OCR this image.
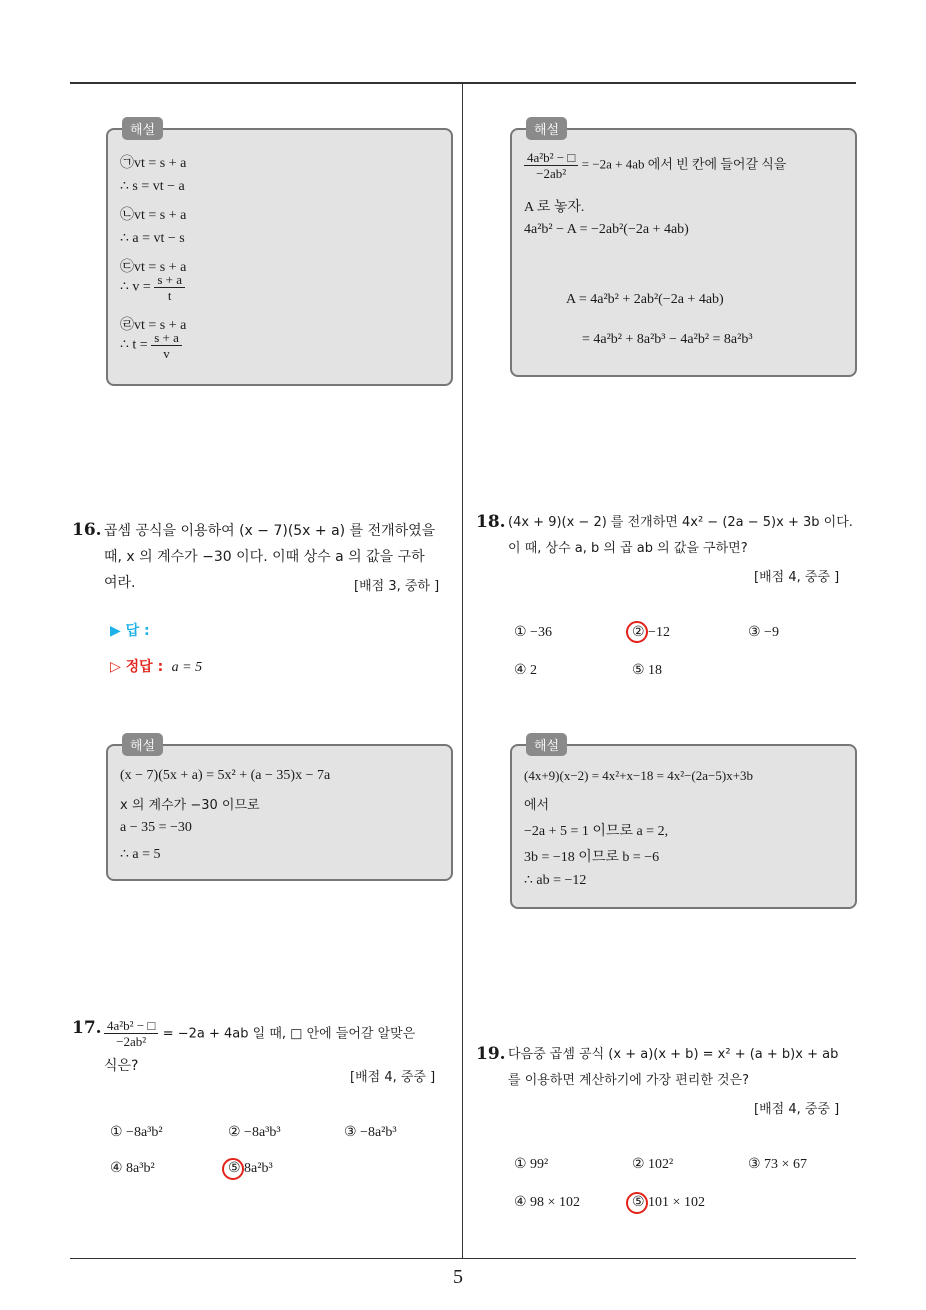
5
해설
㉠vt = s + a
∴ s = vt − a
㉡vt = s + a
∴ a = vt − s
㉢vt = s + a
∴ $v = \frac{s + a}{t}$
㉣vt = s + a
∴ $t = \frac{s + a}{v}$
16. 곱셈 공식을 이용하여 (x − 7)(5x + a) 를 전개하였을
때, x 의 계수가 −30 이다. 이때 상수 a 의 값을 구하
여라.	[배점 3, 중하 ]
▶ 답 :
▷ 정답 : a = 5
해설
(x − 7)(5x + a) = 5x² + (a − 35)x − 7a
x 의 계수가 −30 이므로
a − 35 = −30
∴ a = 5
17. $\frac{\text{4a²b² − □}}{\text{−2ab²}} = -2a + 4ab$ 일 때, □ 안에 들어갈 알맞은
식은?
[배점 4, 중중 ]
① −8a³b²	② −8a³b³	③ −8a²b³
④ 8a³b²	⑤ 8a²b³
해설
$\frac{\text{4a²b² − □}}{\text{−2ab²}} = -2a + 4ab$ 에서 빈 칸에 들어갈 식을
A 로 놓자.
4a²b² − A = −2ab²(−2a + 4ab)
A = 4a²b² + 2ab²(−2a + 4ab)
= 4a²b² + 8a²b³ − 4a²b² = 8a²b³
18. (4x + 9)(x − 2) 를 전개하면 4x² − (2a − 5)x + 3b 이다.
이 때, 상수 a, b 의 곱 ab 의 값을 구하면?
[배점 4, 중중 ]
① −36	② −12	③ −9
④ 2	⑤ 18
해설
(4x+9)(x−2) = 4x²+x−18 = 4x²−(2a−5)x+3b
에서
−2a + 5 = 1 이므로 a = 2,
3b = −18 이므로 b = −6
∴ ab = −12
19. 다음중 곱셈 공식 (x + a)(x + b) = x² + (a + b)x + ab
를 이용하면 계산하기에 가장 편리한 것은?
[배점 4, 중중 ]
① 99²	② 102²	③ 73 × 67
④ 98 × 102	⑤ 101 × 102
